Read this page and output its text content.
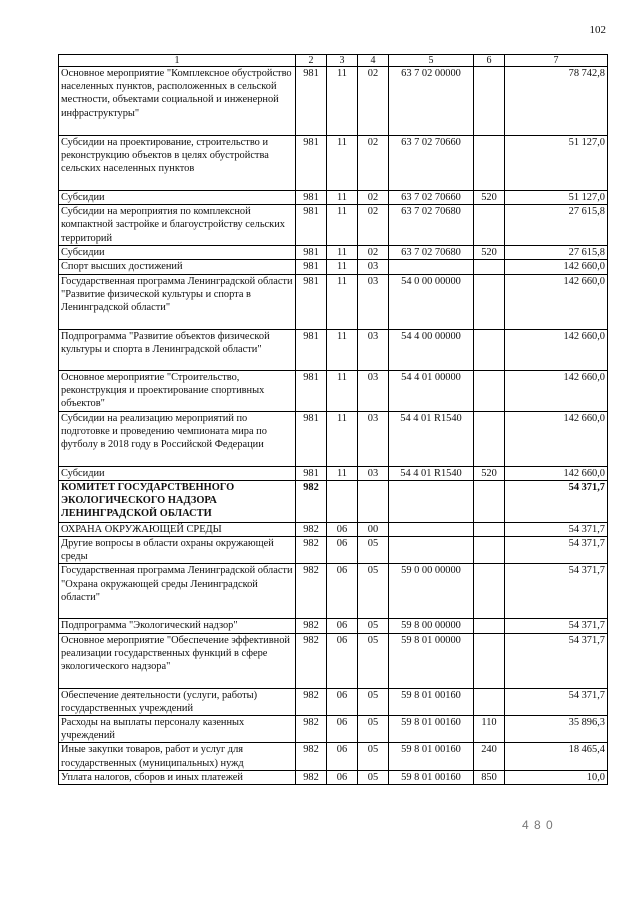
102
1	2	3	4	5	6	7
Основное мероприятие "Комплексное обустройство населенных пунктов, расположенных в сельской местности, объектами социальной и инженерной инфраструктуры"	981	11	02	63 7 02 00000		78 742,8
Субсидии на проектирование, строительство и реконструкцию объектов в целях обустройства сельских населенных пунктов	981	11	02	63 7 02 70660		51 127,0
Субсидии	981	11	02	63 7 02 70660	520	51 127,0
Субсидии на мероприятия по комплексной компактной застройке и благоустройству сельских территорий	981	11	02	63 7 02 70680		27 615,8
Субсидии	981	11	02	63 7 02 70680	520	27 615,8
Спорт высших достижений	981	11	03			142 660,0
Государственная программа Ленинградской области "Развитие физической культуры и спорта в Ленинградской области"	981	11	03	54 0 00 00000		142 660,0
Подпрограмма "Развитие объектов физической культуры и спорта в Ленинградской области"	981	11	03	54 4 00 00000		142 660,0
Основное мероприятие "Строительство, реконструкция и проектирование спортивных объектов"	981	11	03	54 4 01 00000		142 660,0
Субсидии на реализацию мероприятий по подготовке и проведению чемпионата мира по футболу в 2018 году в Российской Федерации	981	11	03	54 4 01 R1540		142 660,0
Субсидии	981	11	03	54 4 01 R1540	520	142 660,0
КОМИТЕТ ГОСУДАРСТВЕННОГО ЭКОЛОГИЧЕСКОГО НАДЗОРА ЛЕНИНГРАДСКОЙ ОБЛАСТИ	982					54 371,7
ОХРАНА ОКРУЖАЮЩЕЙ СРЕДЫ	982	06	00			54 371,7
Другие вопросы в области охраны окружающей среды	982	06	05			54 371,7
Государственная программа Ленинградской области "Охрана окружающей среды Ленинградской области"	982	06	05	59 0 00 00000		54 371,7
Подпрограмма "Экологический надзор"	982	06	05	59 8 00 00000		54 371,7
Основное мероприятие "Обеспечение эффективной реализации государственных функций в сфере экологического надзора"	982	06	05	59 8 01 00000		54 371,7
Обеспечение деятельности (услуги, работы) государственных учреждений	982	06	05	59 8 01 00160		54 371,7
Расходы на выплаты персоналу казенных учреждений	982	06	05	59 8 01 00160	110	35 896,3
Иные закупки товаров, работ и услуг для государственных (муниципальных) нужд	982	06	05	59 8 01 00160	240	18 465,4
Уплата налогов, сборов и иных платежей	982	06	05	59 8 01 00160	850	10,0
4 8 0
